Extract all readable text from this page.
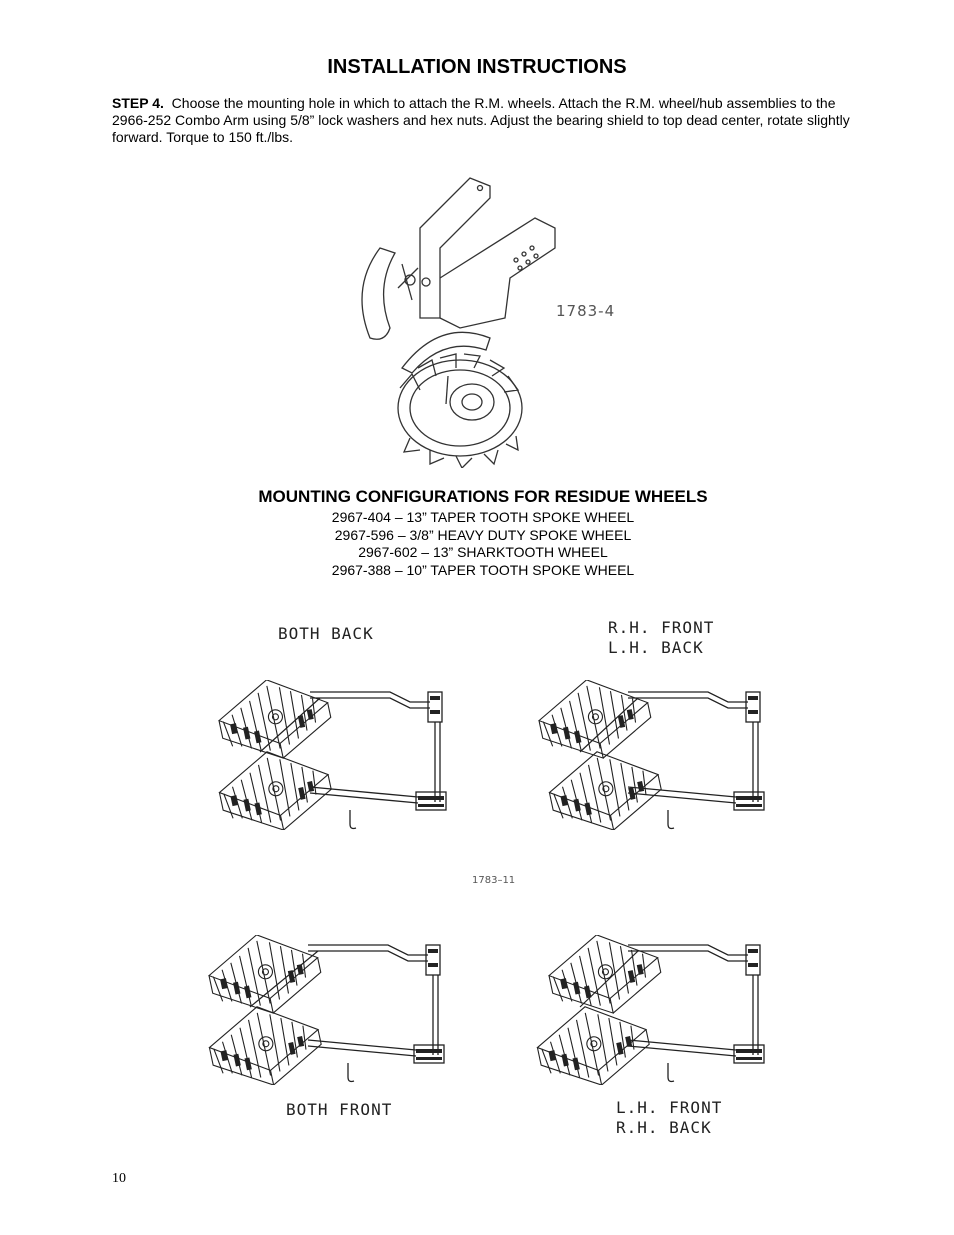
INSTALLATION INSTRUCTIONS
STEP 4. Choose the mounting hole in which to attach the R.M. wheels. Attach the R.M. wheel/hub assemblies to the 2966-252 Combo Arm using 5/8” lock washers and hex nuts. Adjust the bearing shield to top dead center, rotate slightly forward. Torque to 150 ft./lbs.
1783-4
MOUNTING CONFIGURATIONS FOR RESIDUE WHEELS
2967-404 – 13” TAPER TOOTH SPOKE WHEEL
2967-596 – 3/8” HEAVY DUTY SPOKE WHEEL
2967-602 – 13” SHARKTOOTH WHEEL
2967-388 – 10” TAPER TOOTH SPOKE WHEEL
BOTH BACK	R.H. FRONT
L.H. BACK
BOTH FRONT	L.H. FRONT
R.H. BACK
1783–11
10
